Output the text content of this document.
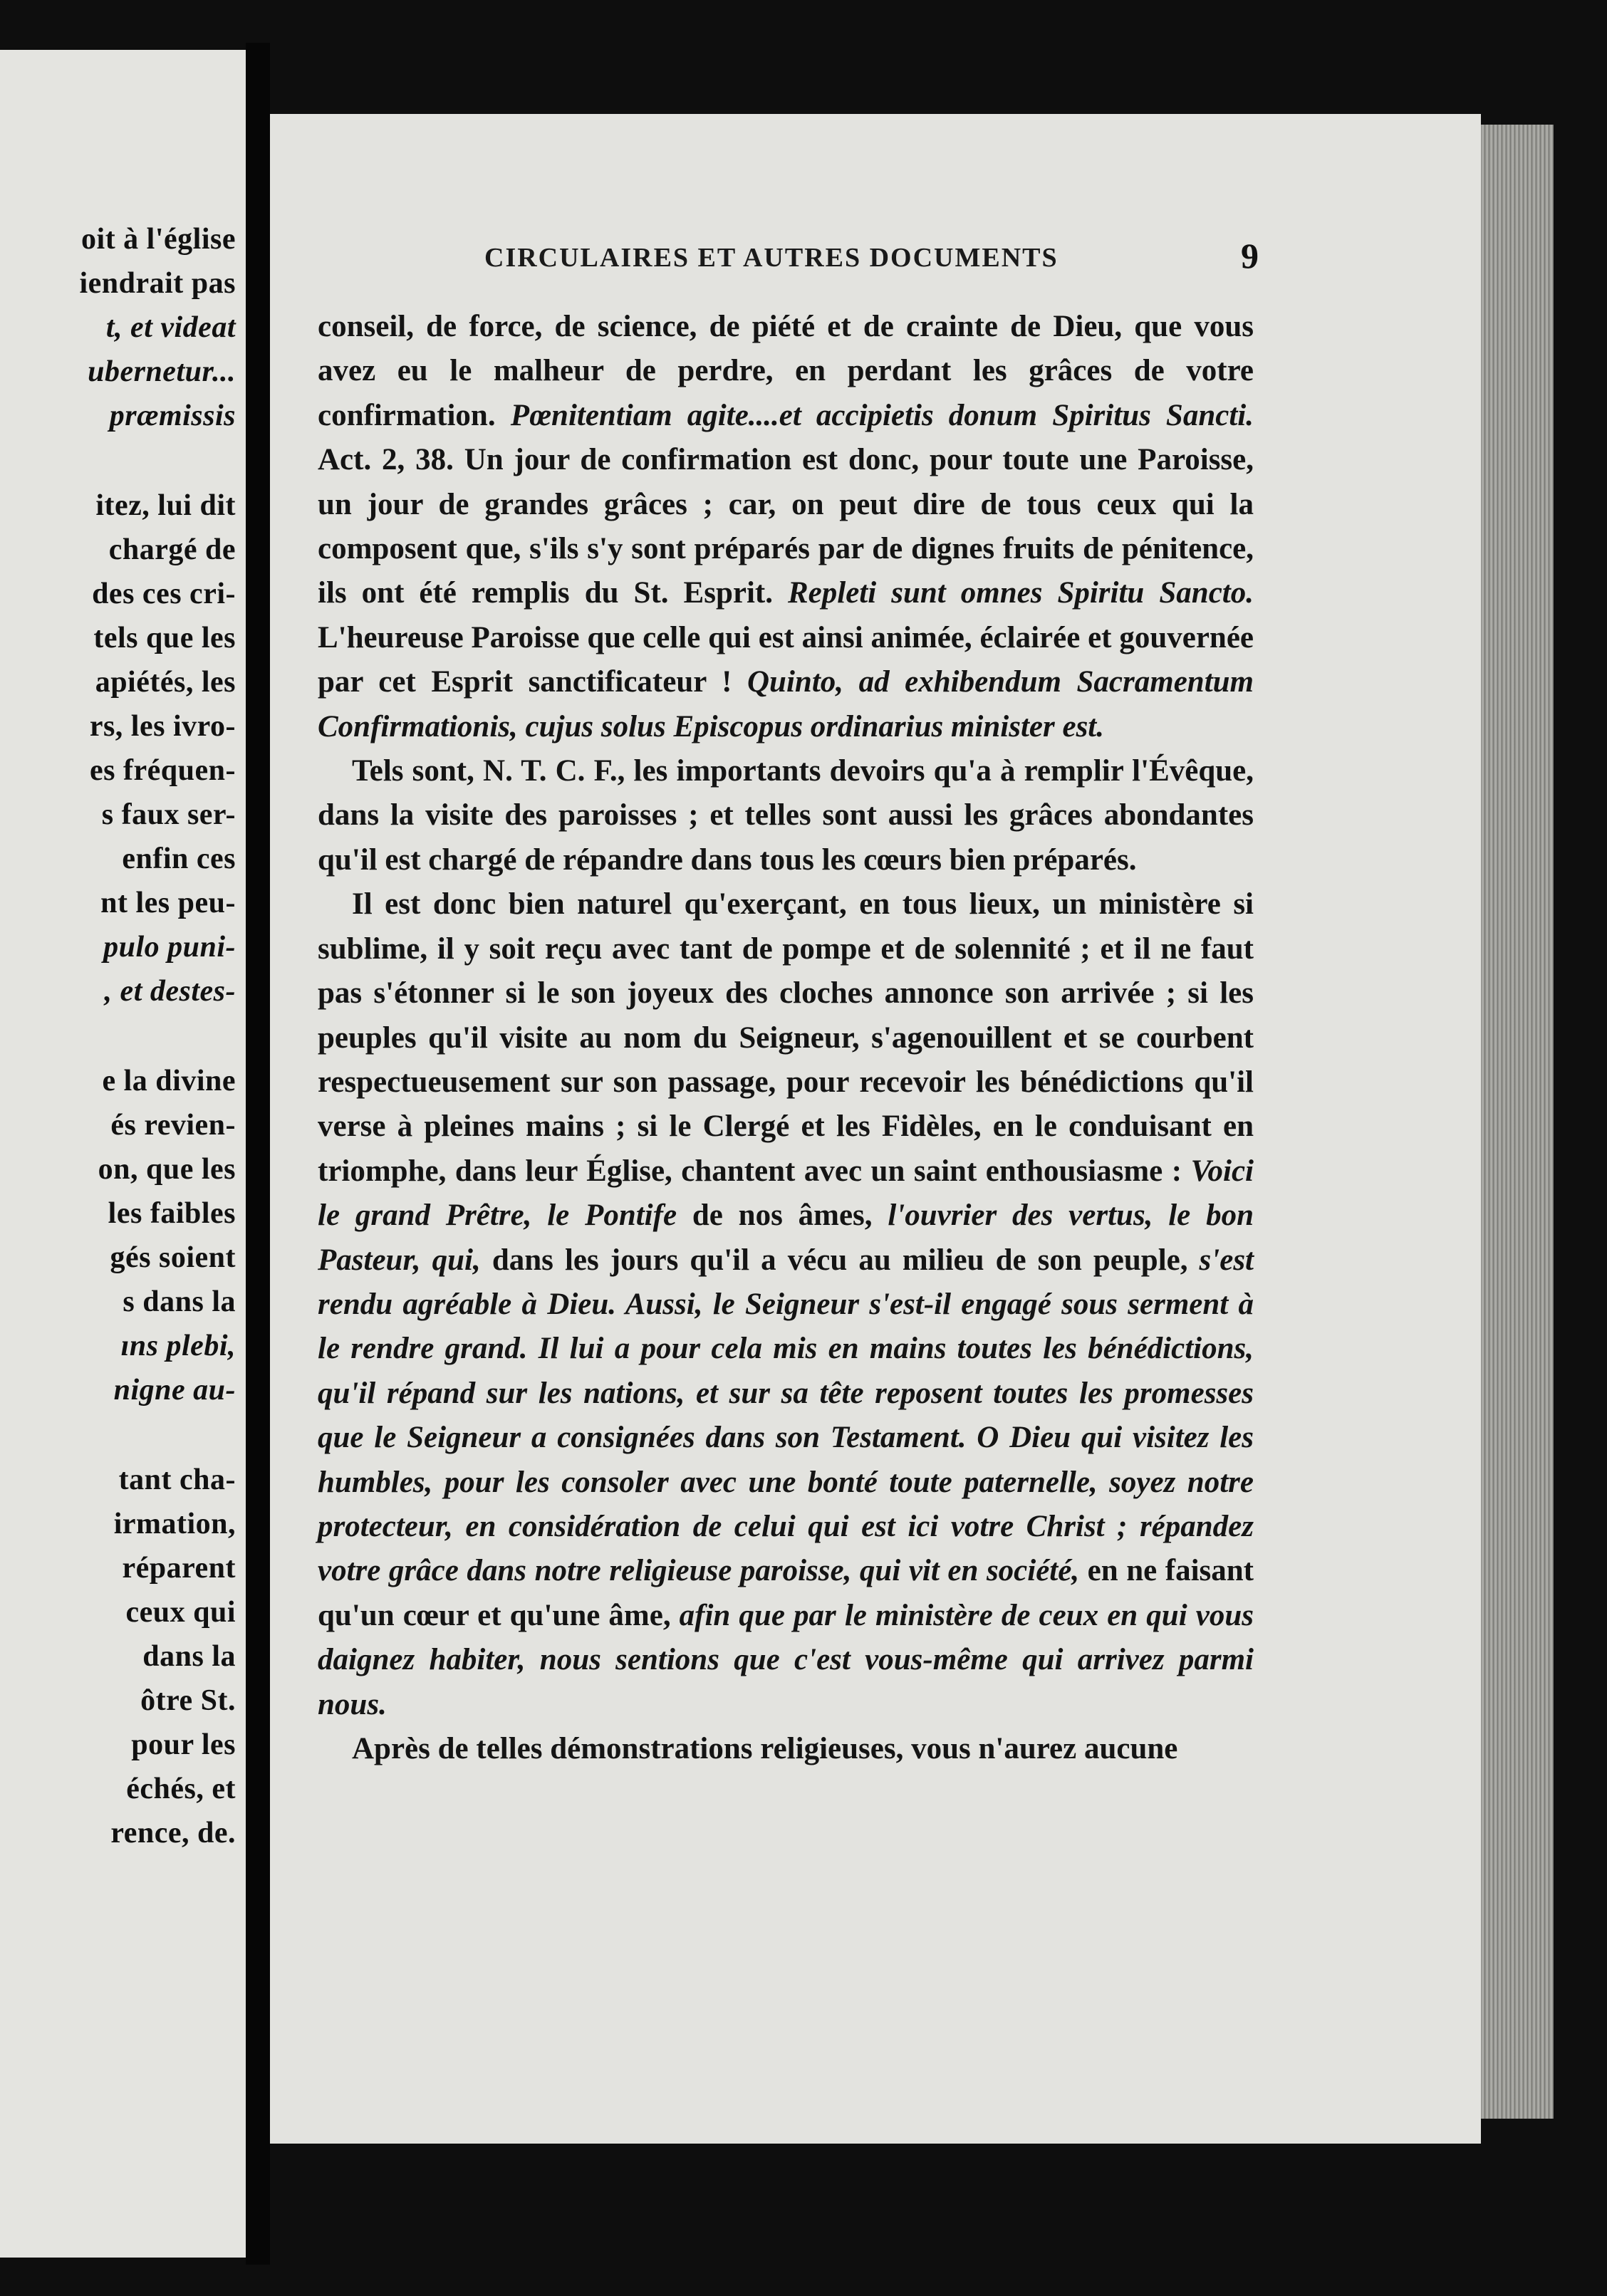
oit à l'église
iendrait pas
t, et videat
ubernetur...
præmissis
itez, lui dit
chargé de
des ces cri-
tels que les
apiétés, les
rs, les ivro-
es fréquen-
s faux ser-
enfin ces
nt les peu-
pulo puni-
, et destes-
e la divine
és revien-
on, que les
les faibles
gés soient
s dans la
ıns plebi,
nigne au-
tant cha-
irmation,
réparent
ceux qui
dans la
ôtre St.
pour les
échés, et
rence, de.
CIRCULAIRES ET AUTRES DOCUMENTS	9

conseil, de force, de science, de piété et de crainte de Dieu, que vous avez eu le malheur de perdre, en perdant les grâces de votre confirmation. Pœnitentiam agite....et accipietis donum Spiritus Sancti. Act. 2, 38. Un jour de confirmation est donc, pour toute une Paroisse, un jour de grandes grâces ; car, on peut dire de tous ceux qui la composent que, s'ils s'y sont préparés par de dignes fruits de pénitence, ils ont été remplis du St. Esprit. Repleti sunt omnes Spiritu Sancto. L'heureuse Paroisse que celle qui est ainsi animée, éclairée et gouvernée par cet Esprit sanctificateur ! Quinto, ad exhibendum Sacramentum Confirmationis, cujus solus Episcopus ordinarius minister est.

Tels sont, N. T. C. F., les importants devoirs qu'a à remplir l'Évêque, dans la visite des paroisses ; et telles sont aussi les grâces abondantes qu'il est chargé de répandre dans tous les cœurs bien préparés.

Il est donc bien naturel qu'exerçant, en tous lieux, un ministère si sublime, il y soit reçu avec tant de pompe et de solennité ; et il ne faut pas s'étonner si le son joyeux des cloches annonce son arrivée ; si les peuples qu'il visite au nom du Seigneur, s'agenouillent et se courbent respectueusement sur son passage, pour recevoir les bénédictions qu'il verse à pleines mains ; si le Clergé et les Fidèles, en le conduisant en triomphe, dans leur Église, chantent avec un saint enthousiasme : Voici le grand Prêtre, le Pontife de nos âmes, l'ouvrier des vertus, le bon Pasteur, qui, dans les jours qu'il a vécu au milieu de son peuple, s'est rendu agréable à Dieu. Aussi, le Seigneur s'est-il engagé sous serment à le rendre grand. Il lui a pour cela mis en mains toutes les bénédictions, qu'il répand sur les nations, et sur sa tête reposent toutes les promesses que le Seigneur a consignées dans son Testament. O Dieu qui visitez les humbles, pour les consoler avec une bonté toute paternelle, soyez notre protecteur, en considération de celui qui est ici votre Christ ; répandez votre grâce dans notre religieuse paroisse, qui vit en société, en ne faisant qu'un cœur et qu'une âme, afin que par le ministère de ceux en qui vous daignez habiter, nous sentions que c'est vous-même qui arrivez parmi nous.

Après de telles démonstrations religieuses, vous n'aurez aucune
